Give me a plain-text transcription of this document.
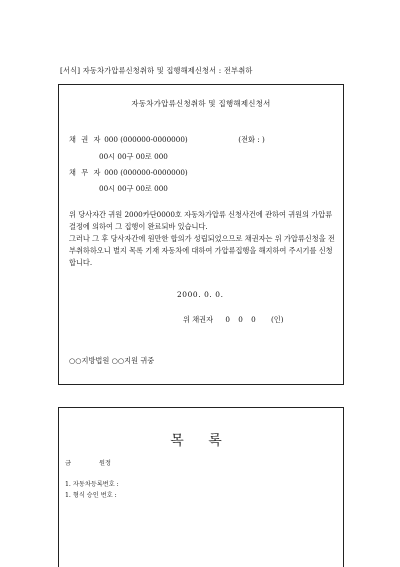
[서식] 자동차가압류신청취하 및 집행해제신청서 : 전부취하
자동차가압류신청취하 및 집행해제신청서
채 권 자 000 (000000-0000000)	(전화 : )
00시 00구 00로 000
채 무 자 000 (000000-0000000)
00시 00구 00로 000

위 당사자간 귀원 2000카단0000호 자동차가압류 신청사건에 관하여 귀원의 가압류결정에 의하여 그 집행이 완료되바 있습니다.

그러나 그 후 당사자간에 원만한 합의가 성립되었으므로 채권자는 위 가압류신청을 전부취하하오니 별지 목록 기재 자동차에 대하여 가압류집행을 해지하여 주시기를 신청합니다.

2000. 0. 0.
위 채권자 0 0 0 (인)
○○지방법원 ○○지원 귀중
목 록
금	원정
1. 자동차등록번호 :
1. 형식 승인 번호 :
